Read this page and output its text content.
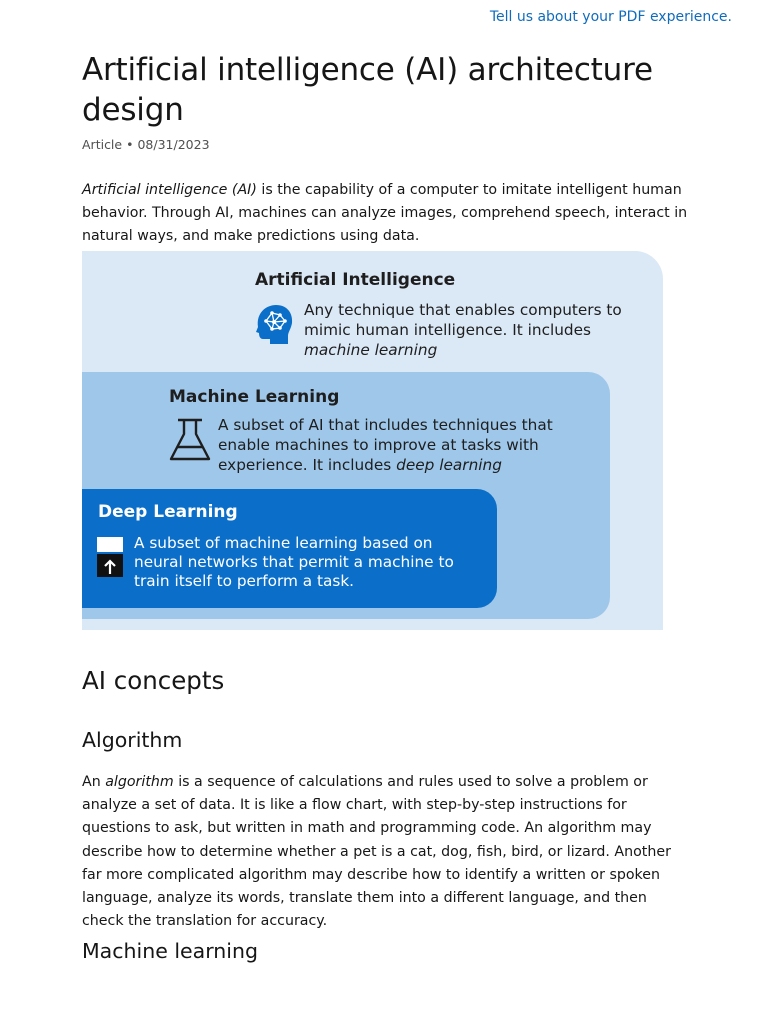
Tell us about your PDF experience.
Artificial intelligence (AI) architecture design
Article • 08/31/2023

Artificial intelligence (AI) is the capability of a computer to imitate intelligent human behavior. Through AI, machines can analyze images, comprehend speech, interact in natural ways, and make predictions using data.

Artificial Intelligence
Any technique that enables computers to mimic human intelligence. It includes machine learning
Machine Learning
A subset of AI that includes techniques that enable machines to improve at tasks with experience. It includes deep learning
Deep Learning
A subset of machine learning based on neural networks that permit a machine to train itself to perform a task.
AI concepts
Algorithm

An algorithm is a sequence of calculations and rules used to solve a problem or analyze a set of data. It is like a flow chart, with step-by-step instructions for questions to ask, but written in math and programming code. An algorithm may describe how to determine whether a pet is a cat, dog, fish, bird, or lizard. Another far more complicated algorithm may describe how to identify a written or spoken language, analyze its words, translate them into a different language, and then check the translation for accuracy.

Machine learning
